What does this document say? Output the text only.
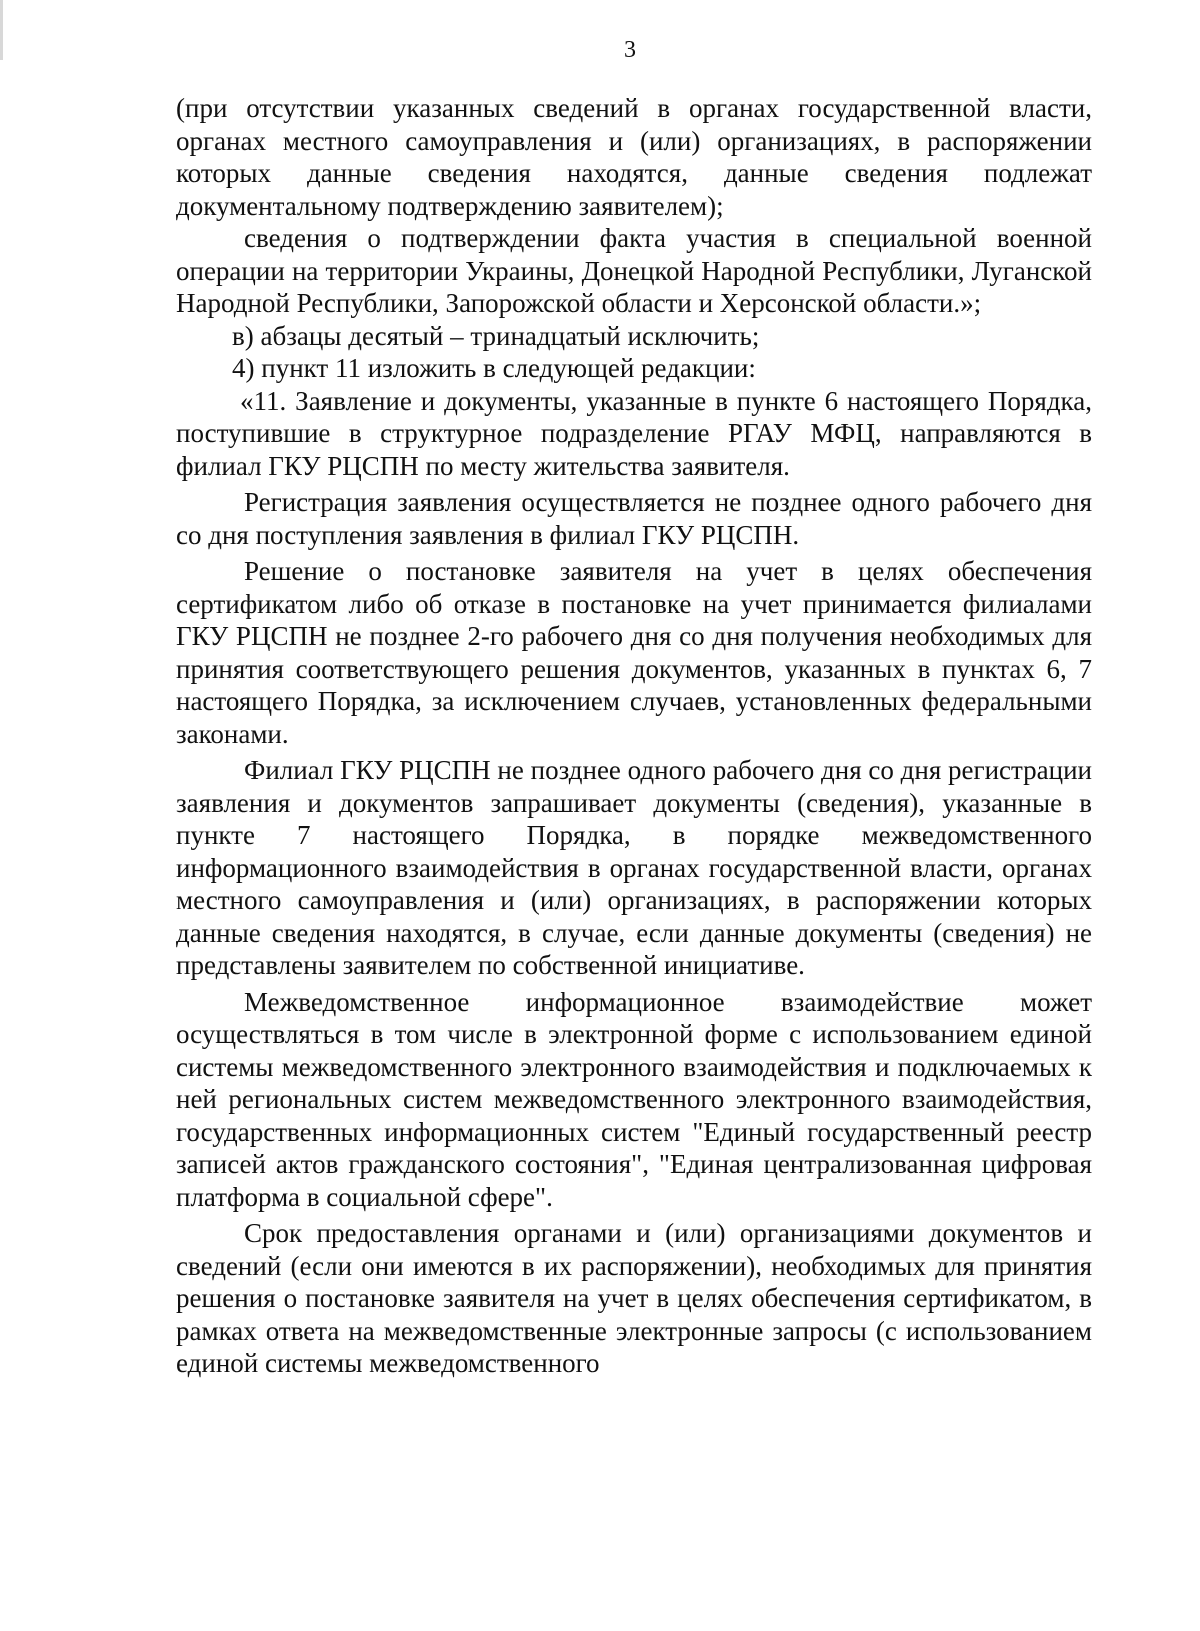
3

(при отсутствии указанных сведений в органах государственной власти, органах местного самоуправления и (или) организациях, в распоряжении которых данные сведения находятся, данные сведения подлежат документальному подтверждению заявителем);

сведения о подтверждении факта участия в специальной военной операции на территории Украины, Донецкой Народной Республики, Луганской Народной Республики, Запорожской области и Херсонской области.»;

в) абзацы десятый – тринадцатый исключить;

4) пункт 11 изложить в следующей редакции:

«11. Заявление и документы, указанные в пункте 6 настоящего Порядка, поступившие в структурное подразделение РГАУ МФЦ, направляются в филиал ГКУ РЦСПН по месту жительства заявителя.

Регистрация заявления осуществляется не позднее одного рабочего дня со дня поступления заявления в филиал ГКУ РЦСПН.

Решение о постановке заявителя на учет в целях обеспечения сертификатом либо об отказе в постановке на учет принимается филиалами ГКУ РЦСПН не позднее 2-го рабочего дня со дня получения необходимых для принятия соответствующего решения документов, указанных в пунктах 6, 7 настоящего Порядка, за исключением случаев, установленных федеральными законами.

Филиал ГКУ РЦСПН не позднее одного рабочего дня со дня регистрации заявления и документов запрашивает документы (сведения), указанные в пункте 7 настоящего Порядка, в порядке межведомственного информационного взаимодействия в органах государственной власти, органах местного самоуправления и (или) организациях, в распоряжении которых данные сведения находятся, в случае, если данные документы (сведения) не представлены заявителем по собственной инициативе.

Межведомственное информационное взаимодействие может осуществляться в том числе в электронной форме с использованием единой системы межведомственного электронного взаимодействия и подключаемых к ней региональных систем межведомственного электронного взаимодействия, государственных информационных систем "Единый государственный реестр записей актов гражданского состояния", "Единая централизованная цифровая платформа в социальной сфере".

Срок предоставления органами и (или) организациями документов и сведений (если они имеются в их распоряжении), необходимых для принятия решения о постановке заявителя на учет в целях обеспечения сертификатом, в рамках ответа на межведомственные электронные запросы (с использованием единой системы межведомственного
